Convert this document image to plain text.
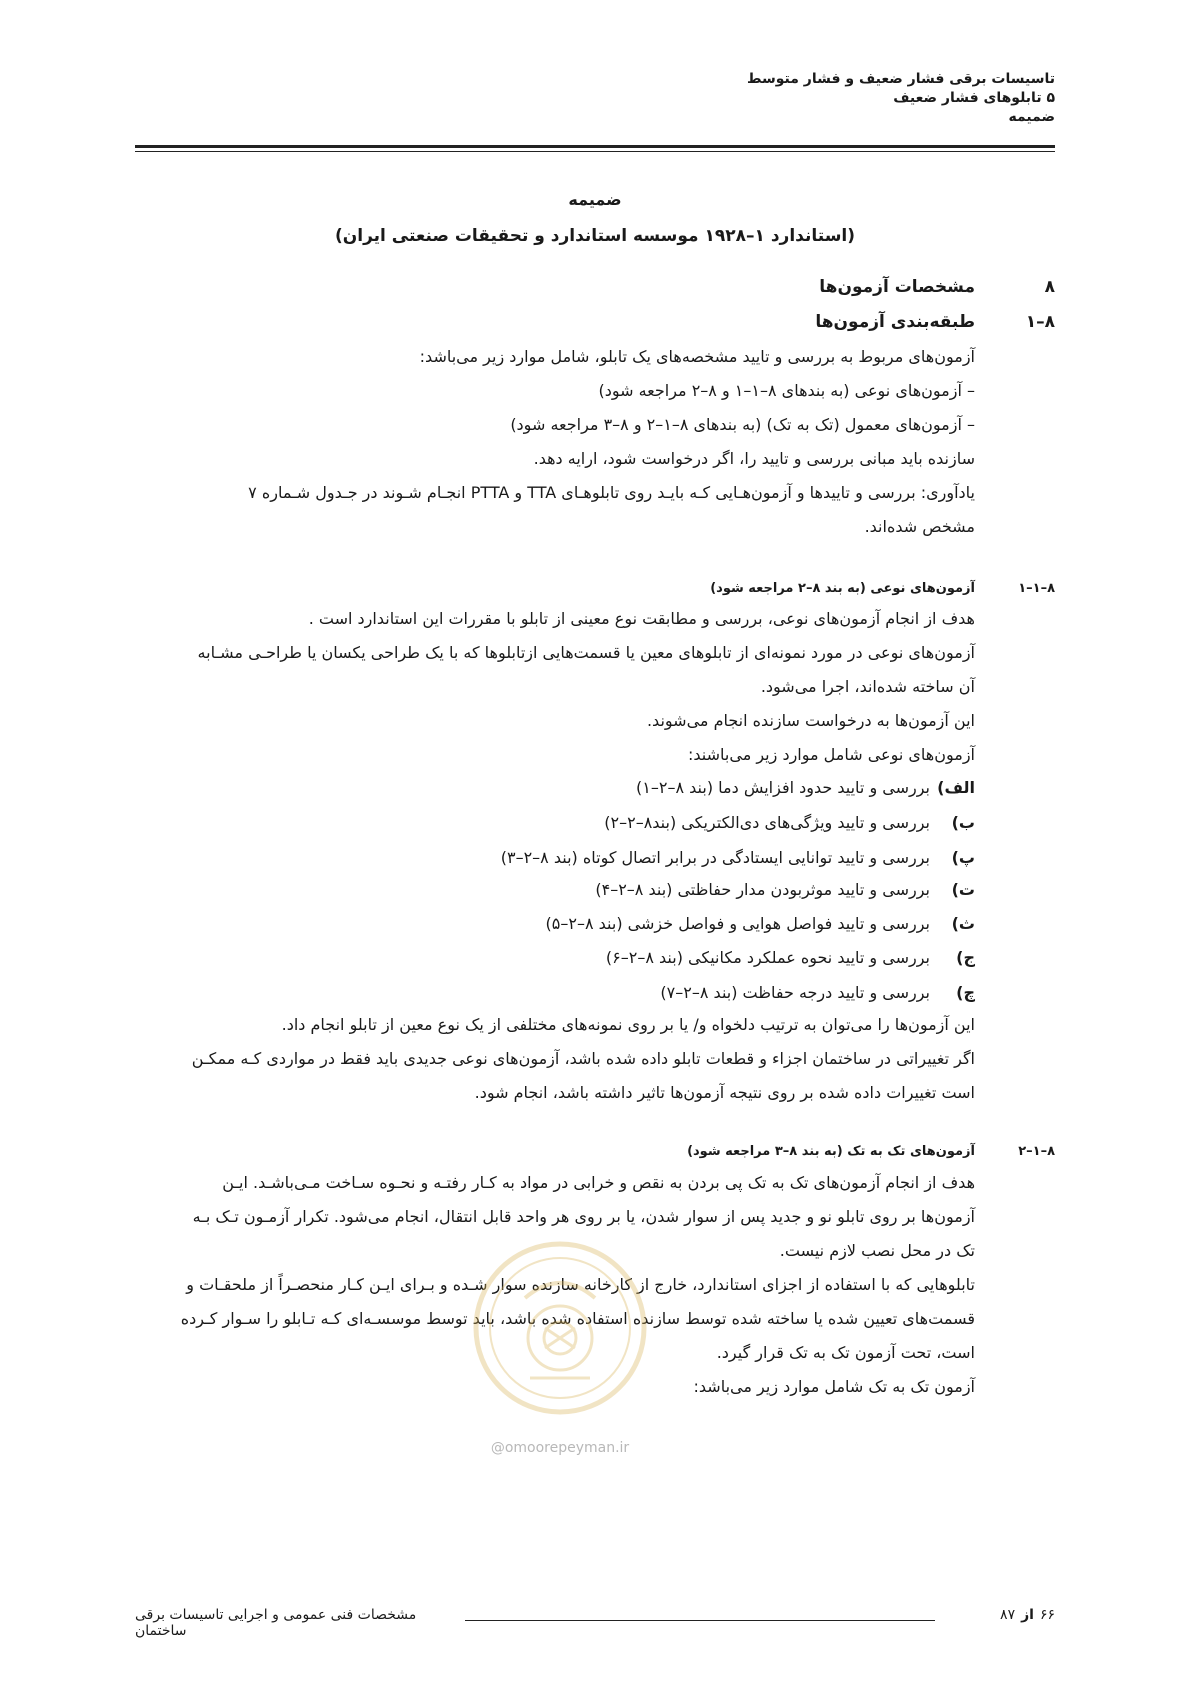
تاسیسات برقی فشار ضعیف و فشار متوسط
۵ تابلوهای فشار ضعیف
ضمیمه
ضمیمه
(استاندارد ۱–۱۹۲۸ موسسه استاندارد و تحقیقات صنعتی ایران)
۸
مشخصات آزمون‌ها
۸–۱
طبقه‌بندی آزمون‌ها
آزمون‌های مربوط به بررسی و تایید مشخصه‌های یک تابلو، شامل موارد زیر می‌باشد:
– آزمون‌های نوعی (به بندهای ۸–۱–۱ و ۸–۲ مراجعه شود)
– آزمون‌های معمول (تک به تک) (به بندهای ۸–۱–۲ و ۸–۳ مراجعه شود)
سازنده باید مبانی بررسی و تایید را، اگر درخواست شود، ارایه دهد.
یادآوری: بررسی و تاییدها و آزمون‌هـایی کـه بایـد روی تابلوهـای TTA و PTTA انجـام شـوند در جـدول شـماره ۷
مشخص شده‌اند.
۸–۱–۱
آزمون‌های نوعی (به بند ۸–۲ مراجعه شود)
هدف از انجام آزمون‌های نوعی، بررسی و مطابقت نوع معینی از تابلو با مقررات این استاندارد است .
آزمون‌های نوعی در مورد نمونه‌ای از تابلوهای معین یا قسمت‌هایی ازتابلوها که با یک طراحی یکسان یا طراحـی مشـابه
آن ساخته شده‌اند، اجرا می‌شود.
این آزمون‌ها به درخواست سازنده انجام می‌شوند.
آزمون‌های نوعی شامل موارد زیر می‌باشند:
الف)
بررسی و تایید حدود افزایش دما (بند ۸–۲–۱)
ب)
بررسی و تایید ویژگی‌های دی‌الکتریکی (بند۸–۲–۲)
پ)
بررسی و تایید توانایی ایستادگی در برابر اتصال کوتاه (بند ۸–۲–۳)
ت)
بررسی و تایید موثربودن مدار حفاظتی (بند ۸–۲–۴)
ث)
بررسی و تایید فواصل هوایی و فواصل خزشی (بند ۸–۲–۵)
ج)
بررسی و تایید نحوه عملکرد مکانیکی (بند ۸–۲–۶)
چ)
بررسی و تایید درجه حفاظت (بند ۸–۲–۷)
این آزمون‌ها را می‌توان به ترتیب دلخواه و/ یا بر روی نمونه‌های مختلفی از یک نوع معین از تابلو انجام داد.
اگر تغییراتی در ساختمان اجزاء و قطعات تابلو داده شده باشد، آزمون‌های نوعی جدیدی باید فقط در مواردی کـه ممکـن
است تغییرات داده شده بر روی نتیجه آزمون‌ها تاثیر داشته باشد، انجام شود.
۸–۱–۲
آزمون‌های تک به تک (به بند ۸–۳ مراجعه شود)
هدف از انجام آزمون‌های تک به تک پی بردن به نقص و خرابی در مواد به کـار رفتـه و نحـوه سـاخت مـی‌باشـد. ایـن
آزمون‌ها بر روی تابلو نو و جدید پس از سوار شدن، یا بر روی هر واحد قابل انتقال، انجام می‌شود. تکرار آزمـون تـک بـه
تک در محل نصب لازم نیست.
تابلوهایی که با استفاده از اجزای استاندارد، خارج از کارخانه سازنده سوار شـده و بـرای ایـن کـار منحصـراً از ملحقـات و
قسمت‌های تعیین شده یا ساخته شده توسط سازنده استفاده شده باشد، باید توسط موسسـه‌ای کـه تـابلو را سـوار کـرده
است، تحت آزمون تک به تک قرار گیرد.
آزمون تک به تک شامل موارد زیر می‌باشد:
@omoorepeyman.ir
۶۶
از
۸۷
مشخصات فنی عمومی و اجرایی تاسیسات برقی ساختمان
